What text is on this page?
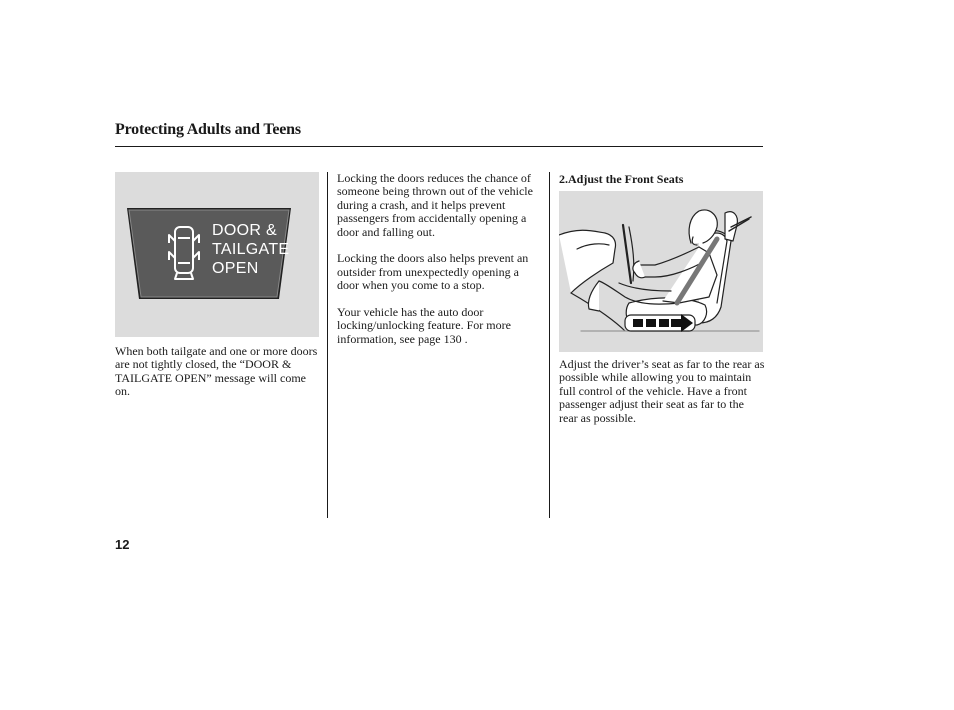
Protecting Adults and Teens
DOOR &
TAILGATE
OPEN

When both tailgate and one or more doors are not tightly closed, the “DOOR & TAILGATE OPEN” message will come on.

Locking the doors reduces the chance of someone being thrown out of the vehicle during a crash, and it helps prevent passengers from accidentally opening a door and falling out.

Locking the doors also helps prevent an outsider from unexpectedly opening a door when you come to a stop.

Your vehicle has the auto door locking/unlocking feature. For more information, see page 130 .

2.Adjust the Front Seats

Adjust the driver’s seat as far to the rear as possible while allowing you to maintain full control of the vehicle. Have a front passenger adjust their seat as far to the rear as possible.

12
